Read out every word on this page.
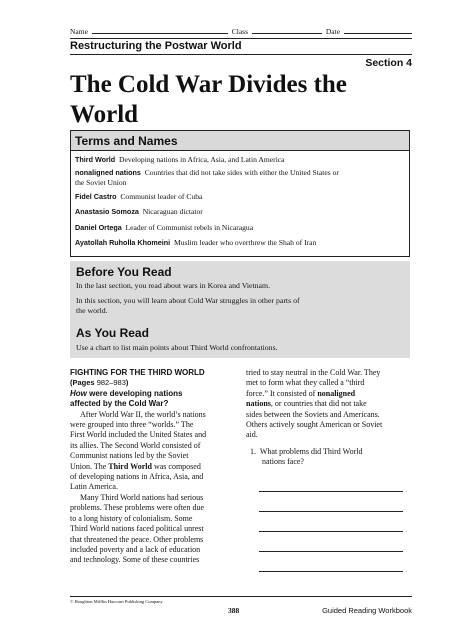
Name	Class	Date
Restructuring the Postwar World
Section 4
The Cold War Divides the
World
Terms and Names
Third World Developing nations in Africa, Asia, and Latin America
nonaligned nations Countries that did not take sides with either the United States or
the Soviet Union
Fidel Castro Communist leader of Cuba
Anastasio Somoza Nicaraguan dictator
Daniel Ortega Leader of Communist rebels in Nicaragua
Ayatollah Ruholla Khomeini Muslim leader who overthrew the Shah of Iran
Before You Read
In the last section, you read about wars in Korea and Vietnam.
In this section, you will learn about Cold War struggles in other parts of
the world.
As You Read
Use a chart to list main points about Third World confrontations.

FIGHTING FOR THE THIRD WORLD

(Pages 982–983)

How were developing nations

affected by the Cold War?

After World War II, the world’s nations

were grouped into three “worlds.” The

First World included the United States and

its allies. The Second World consisted of

Communist nations led by the Soviet

Union. The Third World was composed

of developing nations in Africa, Asia, and

Latin America.

Many Third World nations had serious

problems. These problems were often due

to a long history of colonialism. Some

Third World nations faced political unrest

that threatened the peace. Other problems

included poverty and a lack of education

and technology. Some of these countries

tried to stay neutral in the Cold War. They

met to form what they called a “third

force.” It consisted of nonaligned

nations, or countries that did not take

sides between the Soviets and Americans.

Others actively sought American or Soviet

aid.

1. What problems did Third World

nations face?

© Houghton Mifflin Harcourt Publishing Company
388	Guided Reading Workbook
